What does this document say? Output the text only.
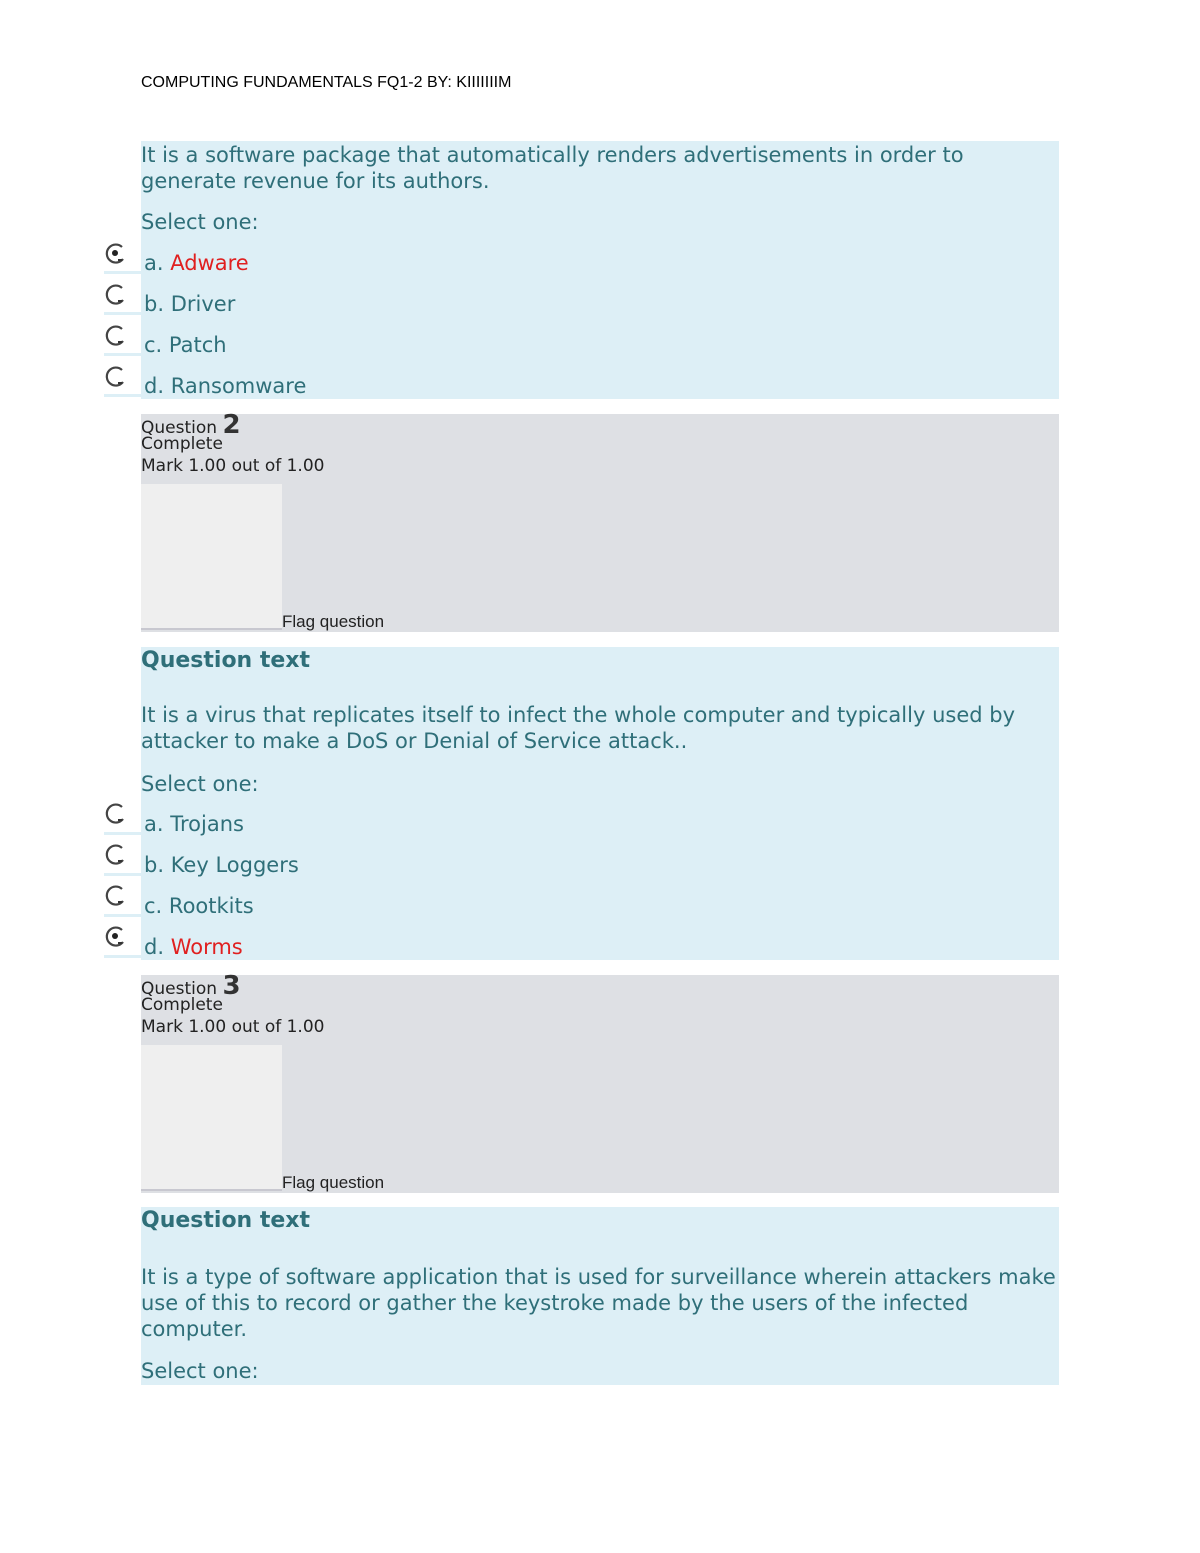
COMPUTING FUNDAMENTALS FQ1-2 BY: KIIIIIIIM

It is a software package that automatically renders advertisements in order to generate revenue for its authors.

Select one:
a. Adware
b. Driver
c. Patch
d. Ransomware
Question 2
Complete
Mark 1.00 out of 1.00
Flag question
Question text

It is a virus that replicates itself to infect the whole computer and typically used by attacker to make a DoS or Denial of Service attack..

Select one:
a. Trojans
b. Key Loggers
c. Rootkits
d. Worms
Question 3
Complete
Mark 1.00 out of 1.00
Flag question
Question text

It is a type of software application that is used for surveillance wherein attackers make use of this to record or gather the keystroke made by the users of the infected computer.

Select one:
